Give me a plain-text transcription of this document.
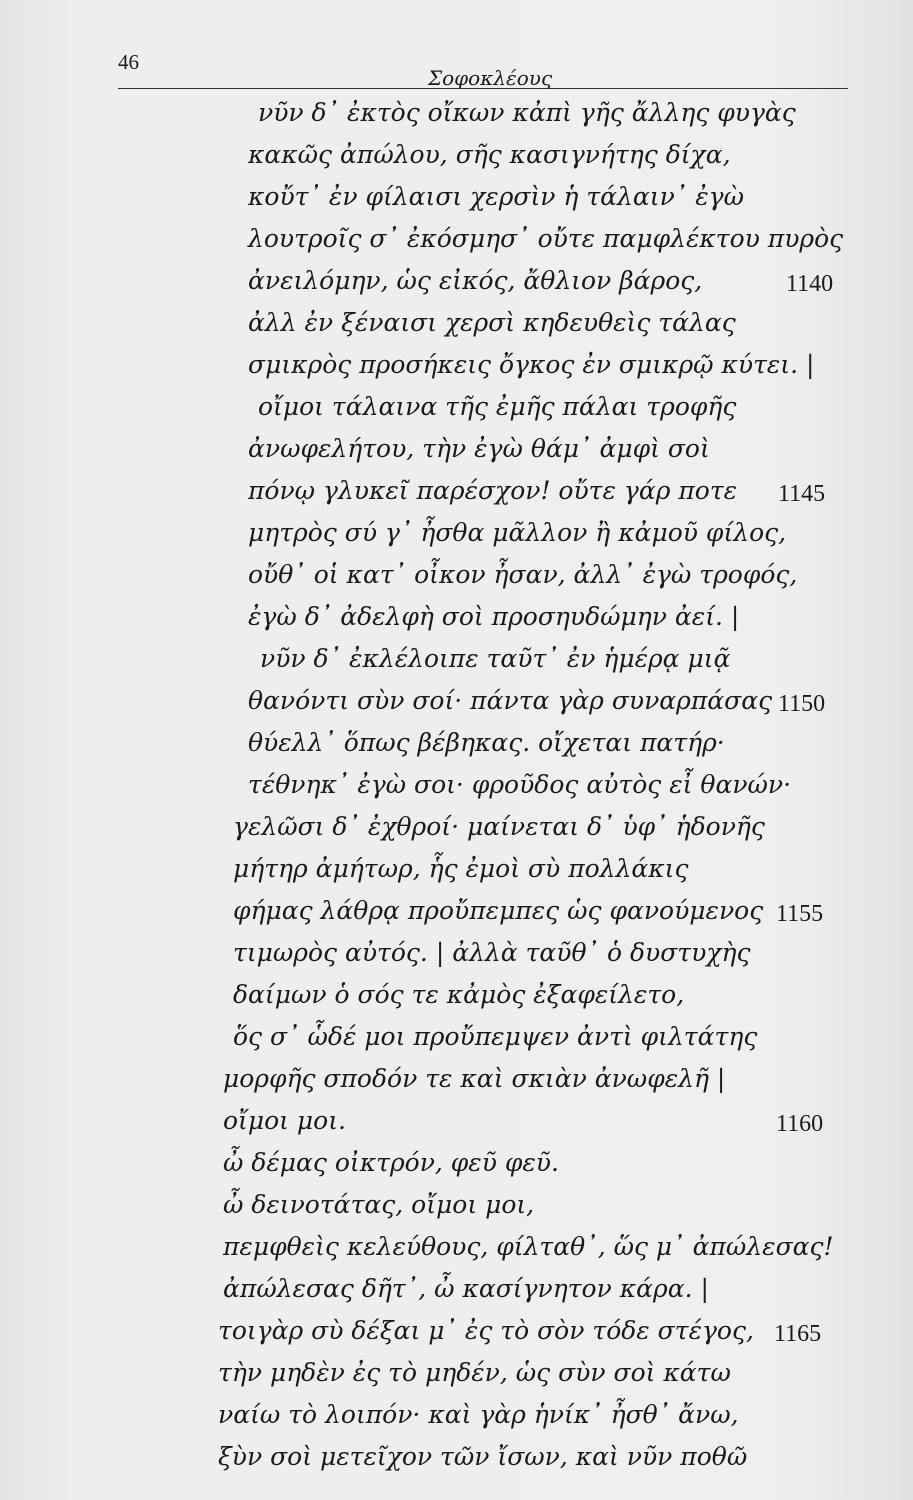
46
Σοφοκλέους
νῦν δ᾽ ἐκτὸς οἴκων κἀπὶ γῆς ἄλλης φυγὰς
κακῶς ἀπώλου, σῆς κασιγνήτης δίχα,
κοὔτ᾽ ἐν φίλαισι χερσὶν ἡ τάλαιν᾽ ἐγὼ
λουτροῖς σ᾽ ἐκόσμησ᾽ οὔτε παμφλέκτου πυρὸς
ἀνειλόμην, ὡς εἰκός, ἄθλιον βάρος,
ἀλλ ἐν ξέναισι χερσὶ κηδευθεὶς τάλας
σμικρὸς προσήκεις ὄγκος ἐν σμικρῷ κύτει. |
οἴμοι τάλαινα τῆς ἐμῆς πάλαι τροφῆς
ἀνωφελήτου, τὴν ἐγὼ θάμ᾽ ἀμφὶ σοὶ
πόνῳ γλυκεῖ παρέσχον! οὔτε γάρ ποτε
μητρὸς σύ γ᾽ ἦσθα μᾶλλον ἢ κἀμοῦ φίλος,
οὔθ᾽ οἱ κατ᾽ οἶκον ἦσαν, ἀλλ᾽ ἐγὼ τροφός,
ἐγὼ δ᾽ ἀδελφὴ σοὶ προσηυδώμην ἀεί. |
νῦν δ᾽ ἐκλέλοιπε ταῦτ᾽ ἐν ἡμέρᾳ μιᾷ
θανόντι σὺν σοί· πάντα γὰρ συναρπάσας
θύελλ᾽ ὅπως βέβηκας. οἴχεται πατήρ·
τέθνηκ᾽ ἐγὼ σοι· φροῦδος αὐτὸς εἶ θανών·
γελῶσι δ᾽ ἐχθροί· μαίνεται δ᾽ ὑφ᾽ ἡδονῆς
μήτηρ ἀμήτωρ, ἧς ἐμοὶ σὺ πολλάκις
φήμας λάθρᾳ προὔπεμπες ὡς φανούμενος
τιμωρὸς αὐτός. | ἀλλὰ ταῦθ᾽ ὁ δυστυχὴς
δαίμων ὁ σός τε κἀμὸς ἐξαφείλετο,
ὅς σ᾽ ὧδέ μοι προὔπεμψεν ἀντὶ φιλτάτης
μορφῆς σποδόν τε καὶ σκιὰν ἀνωφελῆ |
οἴμοι μοι.
ὦ δέμας οἰκτρόν, φεῦ φεῦ.
ὦ δεινοτάτας, οἴμοι μοι,
πεμφθεὶς κελεύθους, φίλταθ᾽, ὥς μ᾽ ἀπώλεσας!
ἀπώλεσας δῆτ᾽, ὦ κασίγνητον κάρα. |
τοιγὰρ σὺ δέξαι μ᾽ ἐς τὸ σὸν τόδε στέγος,
τὴν μηδὲν ἐς τὸ μηδέν, ὡς σὺν σοὶ κάτω
ναίω τὸ λοιπόν· καὶ γὰρ ἡνίκ᾽ ἦσθ᾽ ἄνω,
ξὺν σοὶ μετεῖχον τῶν ἴσων, καὶ νῦν ποθῶ
1140
1145
1150
1155
1160
1165
